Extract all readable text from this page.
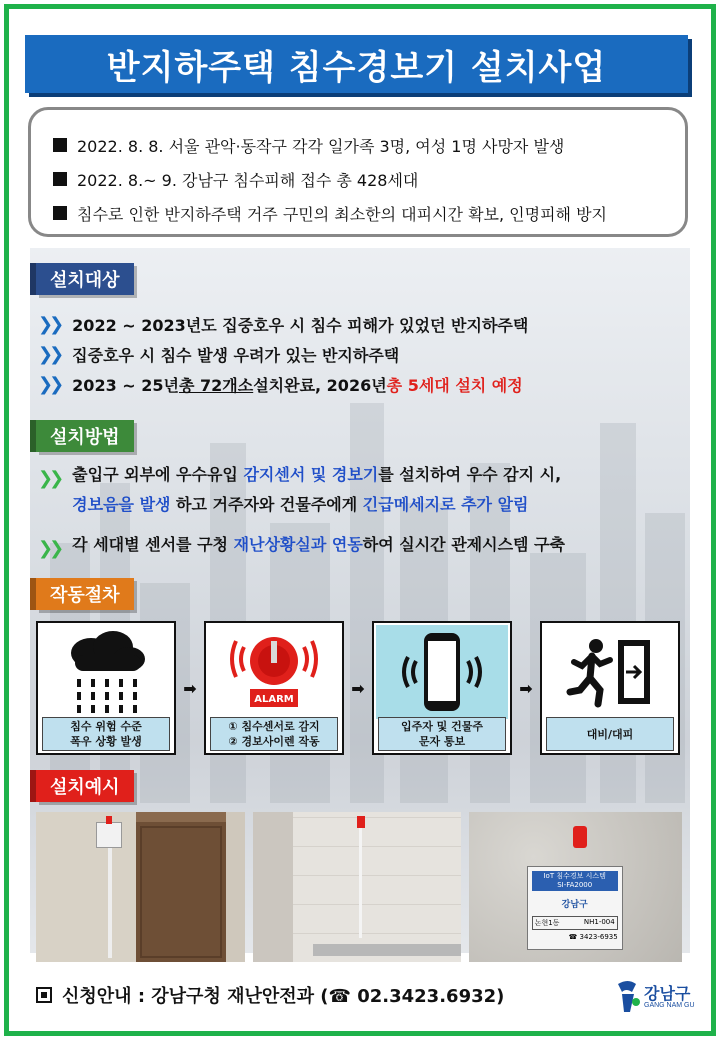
반지하주택 침수경보기 설치사업
2022. 8. 8. 서울 관악·동작구 각각 일가족 3명, 여성 1명 사망자 발생
2022. 8.~ 9. 강남구 침수피해 접수 총 428세대
침수로 인한 반지하주택 거주 구민의 최소한의 대피시간 확보, 인명피해 방지
설치대상
❯❯ 2022 ~ 2023년도 집중호우 시 침수 피해가 있었던 반지하주택
❯❯ 집중호우 시 침수 발생 우려가 있는 반지하주택
❯❯ 2023 ~ 25년 총 72개소 설치완료, 2026년 총 5세대 설치 예정
설치방법
❯❯ 출입구 외부에 우수유입 감지센서 및 경보기를 설치하여 우수 감지 시,
경보음을 발생 하고 거주자와 건물주에게 긴급메세지로 추가 알림
❯❯ 각 세대별 센서를 구청 재난상황실과 연동하여 실시간 관제시스템 구축
작동절차
침수 위험 수준
폭우 상황 발생
➡
ALARM
① 침수센서로 감지
② 경보사이렌 작동
➡
입주자 및 건물주
문자 통보
➡
대비/대피
설치예시
IoT 침수경보 시스템
SI-FA2000
강남구
논현1동	NH1-004
☎ 3423-6935
신청안내 : 강남구청 재난안전과 (☎ 02.3423.6932)	강남구
GANG NAM GU
